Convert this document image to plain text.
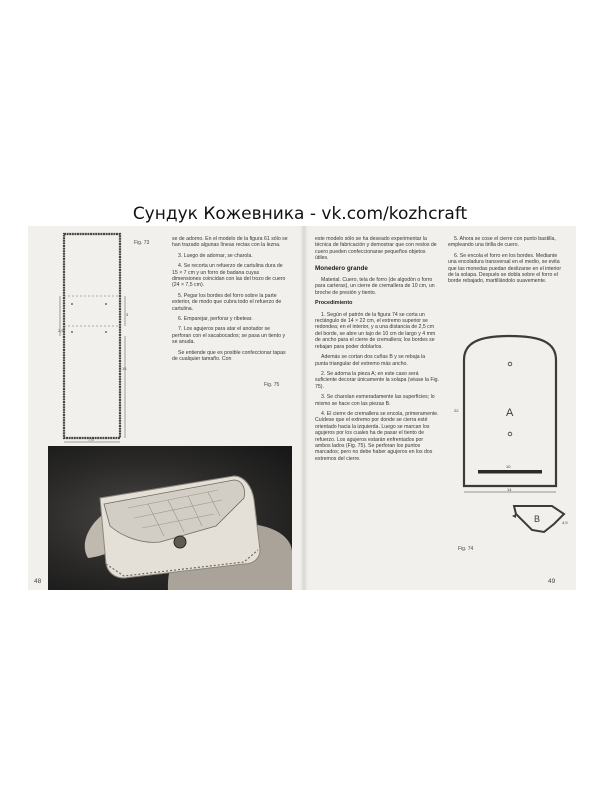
Сундук Кожевника - vk.com/kozhcraft
2,5
3
15
7,5
Fig. 73

se de adorno. En el modelo de la figura 61 sólo se han trazado algunas líneas rectas con la lezna.

3. Luego de adornar, se charola.

4. Se recorta un refuerzo de cartulina dura de 15 × 7 cm y un forro de badana cuyas dimensiones coincidan con las del trozo de cuero (24 × 7,5 cm).

5. Pegar los bordes del forro sobre la parte exterior, de modo que cubra todo el refuerzo de cartulina.

6. Emparejar, perforar y ribetear.

7. Los agujeros para atar el anotador se perforan con el sacabocados; se pasa un tiento y se anuda.

Se entiende que es posible confeccionar tapas de cualquier tamaño. Con

Fig. 75
48

este modelo sólo se ha deseado experimentar la técnica de fabricación y demostrar que con restos de cuero pueden confeccionarse pequeños objetos útiles.

Monedero grande

Material. Cuero, tela de forro (de algodón o forro para carteras), un cierre de cremallera de 10 cm, un broche de presión y tiento.

Procedimiento

1. Según el patrón de la figura 74 se corta un rectángulo de 14 × 22 cm, el extremo superior se redondea; en el interior, y a una distancia de 2,5 cm del borde, se abre un tajo de 10 cm de largo y 4 mm de ancho para el cierre de cremallera; los bordes se rebajan para poder doblarlos.

Además se cortan dos cuñas B y se rebaja la punta triangular del extremo más ancho.

2. Se adorna la pieza A; en este caso será suficiente decorar únicamente la solapa (véase la Fig. 75).

3. Se charolan esmeradamente las superficies; lo mismo se hace con las piezas B.

4. El cierre de cremallera se encola, primeramente. Cuídese que el extremo por donde se cierra esté orientado hacia la izquierda. Luego se marcan los agujeros por los cuales ha de pasar el tiento de refuerzo. Los agujeros estarán enfrentados por ambos lados (Fig. 75). Se perforan los puntos marcados; pero no debe haber agujeros en los dos extremos del cierre.

5. Ahora se cose el cierre con punto bastilla, empleando una tirilla de cuero.

6. Se encola el forro en los bordes. Mediante una encoladura transversal en el medio, se evita que las monedas puedan deslizarse en el interior de la solapa. Después se dobla sobre el forro el borde rebajado, martillándolo suavemente.

A
22
10
14
B	4,5
Fig. 74
49
